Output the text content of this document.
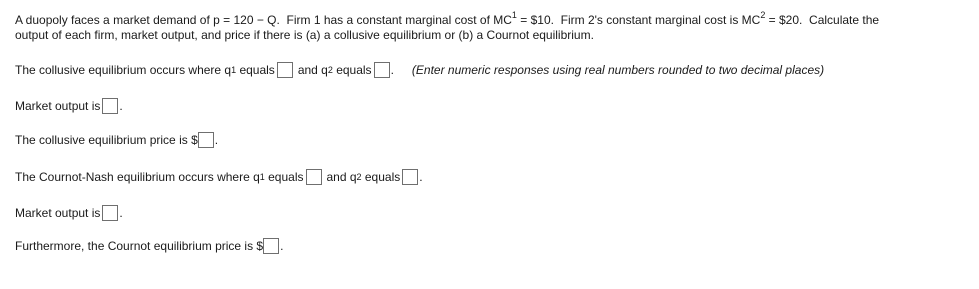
A duopoly faces a market demand of p = 120 − Q.  Firm 1 has a constant marginal cost of $MC^1$ = $10.  Firm 2's constant marginal cost is $MC^2$ = $20.  Calculate the
output of each firm, market output, and price if there is (a) a collusive equilibrium or (b) a Cournot equilibrium.
The collusive equilibrium occurs where q 1 equals and q 2 equals . (Enter numeric responses using real numbers rounded to two decimal places)
Market output is .
The collusive equilibrium price is $ .
The Cournot-Nash equilibrium occurs where q 1 equals and q 2 equals .
Market output is .
Furthermore, the Cournot equilibrium price is $ .
